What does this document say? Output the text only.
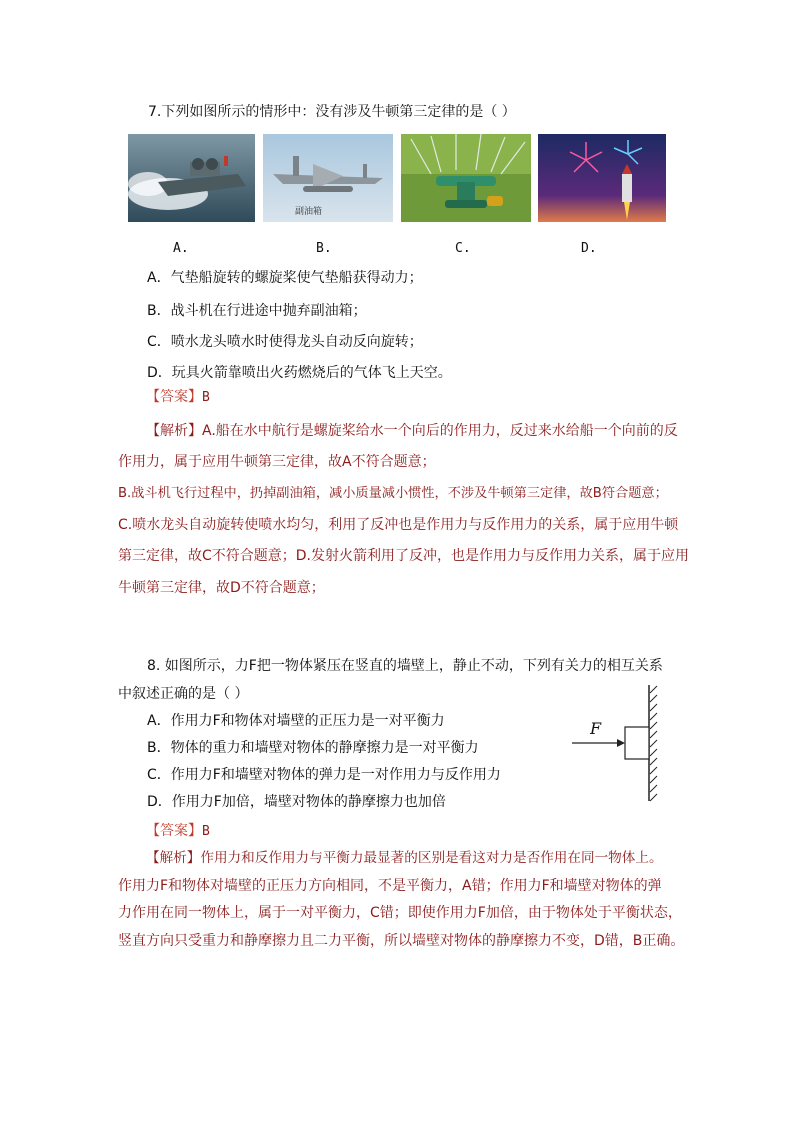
7.下列如图所示的情形中：没有涉及牛顿第三定律的是（ ）
副油箱
A.	B.	C.	D.
A．气垫船旋转的螺旋桨使气垫船获得动力；
B．战斗机在行进途中抛弃副油箱；
C．喷水龙头喷水时使得龙头自动反向旋转；
D．玩具火箭靠喷出火药燃烧后的气体飞上天空。
【答案】B
【解析】A.船在水中航行是螺旋桨给水一个向后的作用力，反过来水给船一个向前的反
作用力，属于应用牛顿第三定律，故A不符合题意；
B.战斗机飞行过程中，扔掉副油箱，减小质量减小惯性，不涉及牛顿第三定律，故B符合题意；
C.喷水龙头自动旋转使喷水均匀，利用了反冲也是作用力与反作用力的关系，属于应用牛顿
第三定律，故C不符合题意；D.发射火箭利用了反冲，也是作用力与反作用力关系，属于应用
牛顿第三定律，故D不符合题意；
8. 如图所示，力F把一物体紧压在竖直的墙壁上，静止不动，下列有关力的相互关系
中叙述正确的是（ ）
A．作用力F和物体对墙壁的正压力是一对平衡力
B．物体的重力和墙壁对物体的静摩擦力是一对平衡力
C．作用力F和墙壁对物体的弹力是一对作用力与反作用力
D．作用力F加倍，墙壁对物体的静摩擦力也加倍
F
【答案】B
【解析】作用力和反作用力与平衡力最显著的区别是看这对力是否作用在同一物体上。
作用力F和物体对墙壁的正压力方向相同，不是平衡力，A错；作用力F和墙壁对物体的弹
力作用在同一物体上，属于一对平衡力，C错；即使作用力F加倍，由于物体处于平衡状态，
竖直方向只受重力和静摩擦力且二力平衡，所以墙壁对物体的静摩擦力不变，D错，B正确。
